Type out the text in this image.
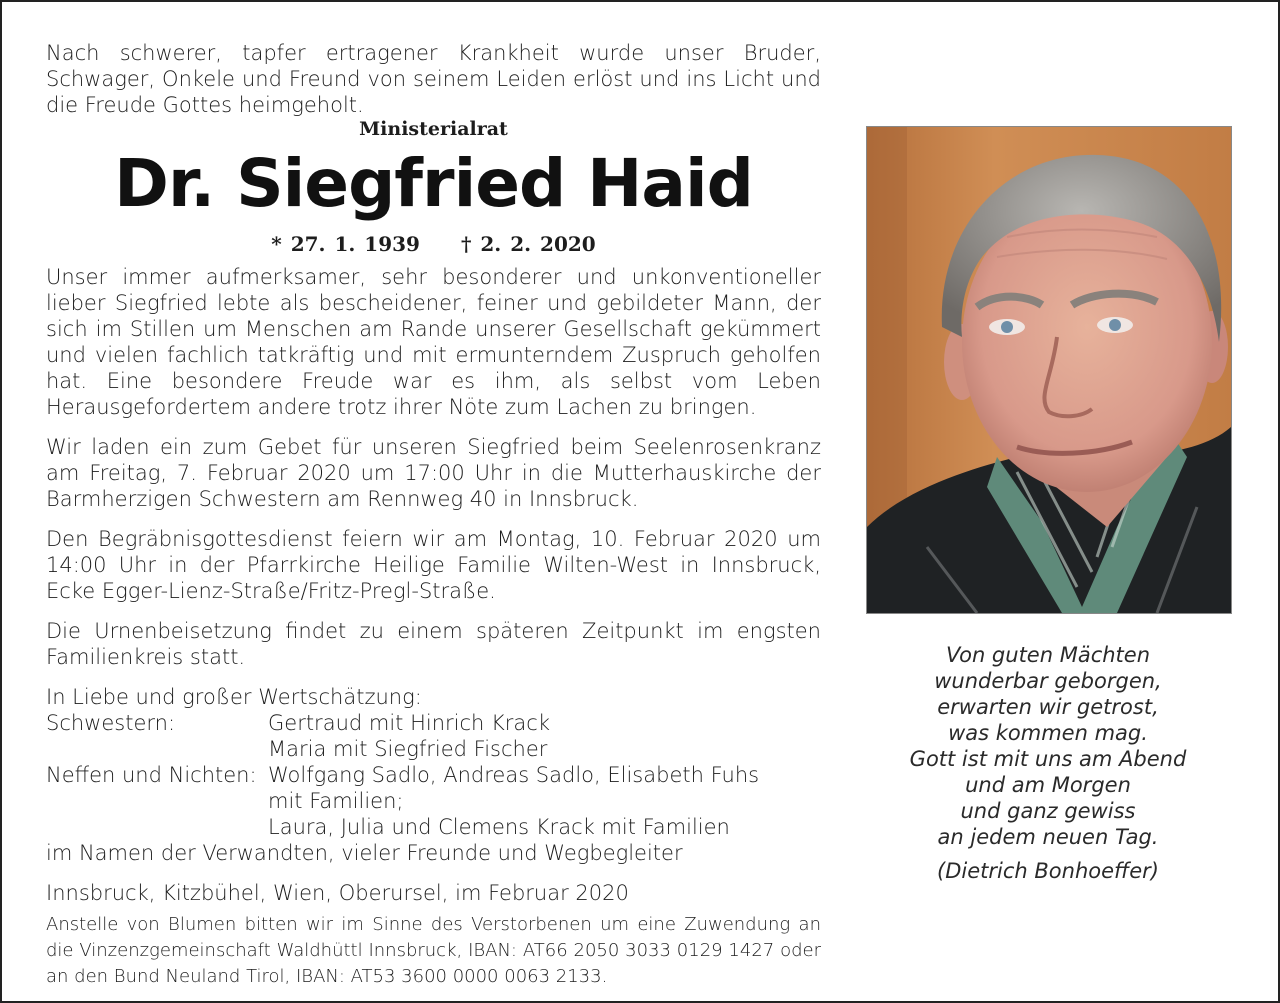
Nach schwerer, tapfer ertragener Krankheit wurde unser Bruder, Schwager, Onkele und Freund von seinem Leiden erlöst und ins Licht und die Freude Gottes heimgeholt.

Ministerialrat
Dr. Siegfried Haid
* 27. 1. 1939 † 2. 2. 2020

Unser immer aufmerksamer, sehr besonderer und unkonventioneller lieber Siegfried lebte als bescheidener, feiner und gebildeter Mann, der sich im Stillen um Menschen am Rande unserer Gesellschaft gekümmert und vielen fachlich tatkräftig und mit ermunterndem Zuspruch geholfen hat. Eine besondere Freude war es ihm, als selbst vom Leben Herausgefordertem andere trotz ihrer Nöte zum Lachen zu bringen.

Wir laden ein zum Gebet für unseren Siegfried beim Seelenrosenkranz am Freitag, 7. Februar 2020 um 17:00 Uhr in die Mutterhauskirche der Barmherzigen Schwestern am Rennweg 40 in Innsbruck.

Den Begräbnisgottesdienst feiern wir am Montag, 10. Februar 2020 um 14:00 Uhr in der Pfarrkirche Heilige Familie Wilten-West in Innsbruck, Ecke Egger-Lienz-Straße/Fritz-Pregl-Straße.

Die Urnenbeisetzung findet zu einem späteren Zeitpunkt im engsten Familienkreis statt.

In Liebe und großer Wertschätzung:
Schwestern:	Gertraud mit Hinrich Krack
Maria mit Siegfried Fischer
Neffen und Nichten: Wolfgang Sadlo, Andreas Sadlo, Elisabeth Fuhs
mit Familien;
Laura, Julia und Clemens Krack mit Familien
im Namen der Verwandten, vieler Freunde und Wegbegleiter
Innsbruck, Kitzbühel, Wien, Oberursel, im Februar 2020

Anstelle von Blumen bitten wir im Sinne des Verstorbenen um eine Zuwendung an die Vinzenzgemeinschaft Waldhüttl Innsbruck, IBAN: AT66 2050 3033 0129 1427 oder an den Bund Neuland Tirol, IBAN: AT53 3600 0000 0063 2133.

Von guten Mächten
wunderbar geborgen,
erwarten wir getrost,
was kommen mag.
Gott ist mit uns am Abend
und am Morgen
und ganz gewiss
an jedem neuen Tag.
(Dietrich Bonhoeffer)
